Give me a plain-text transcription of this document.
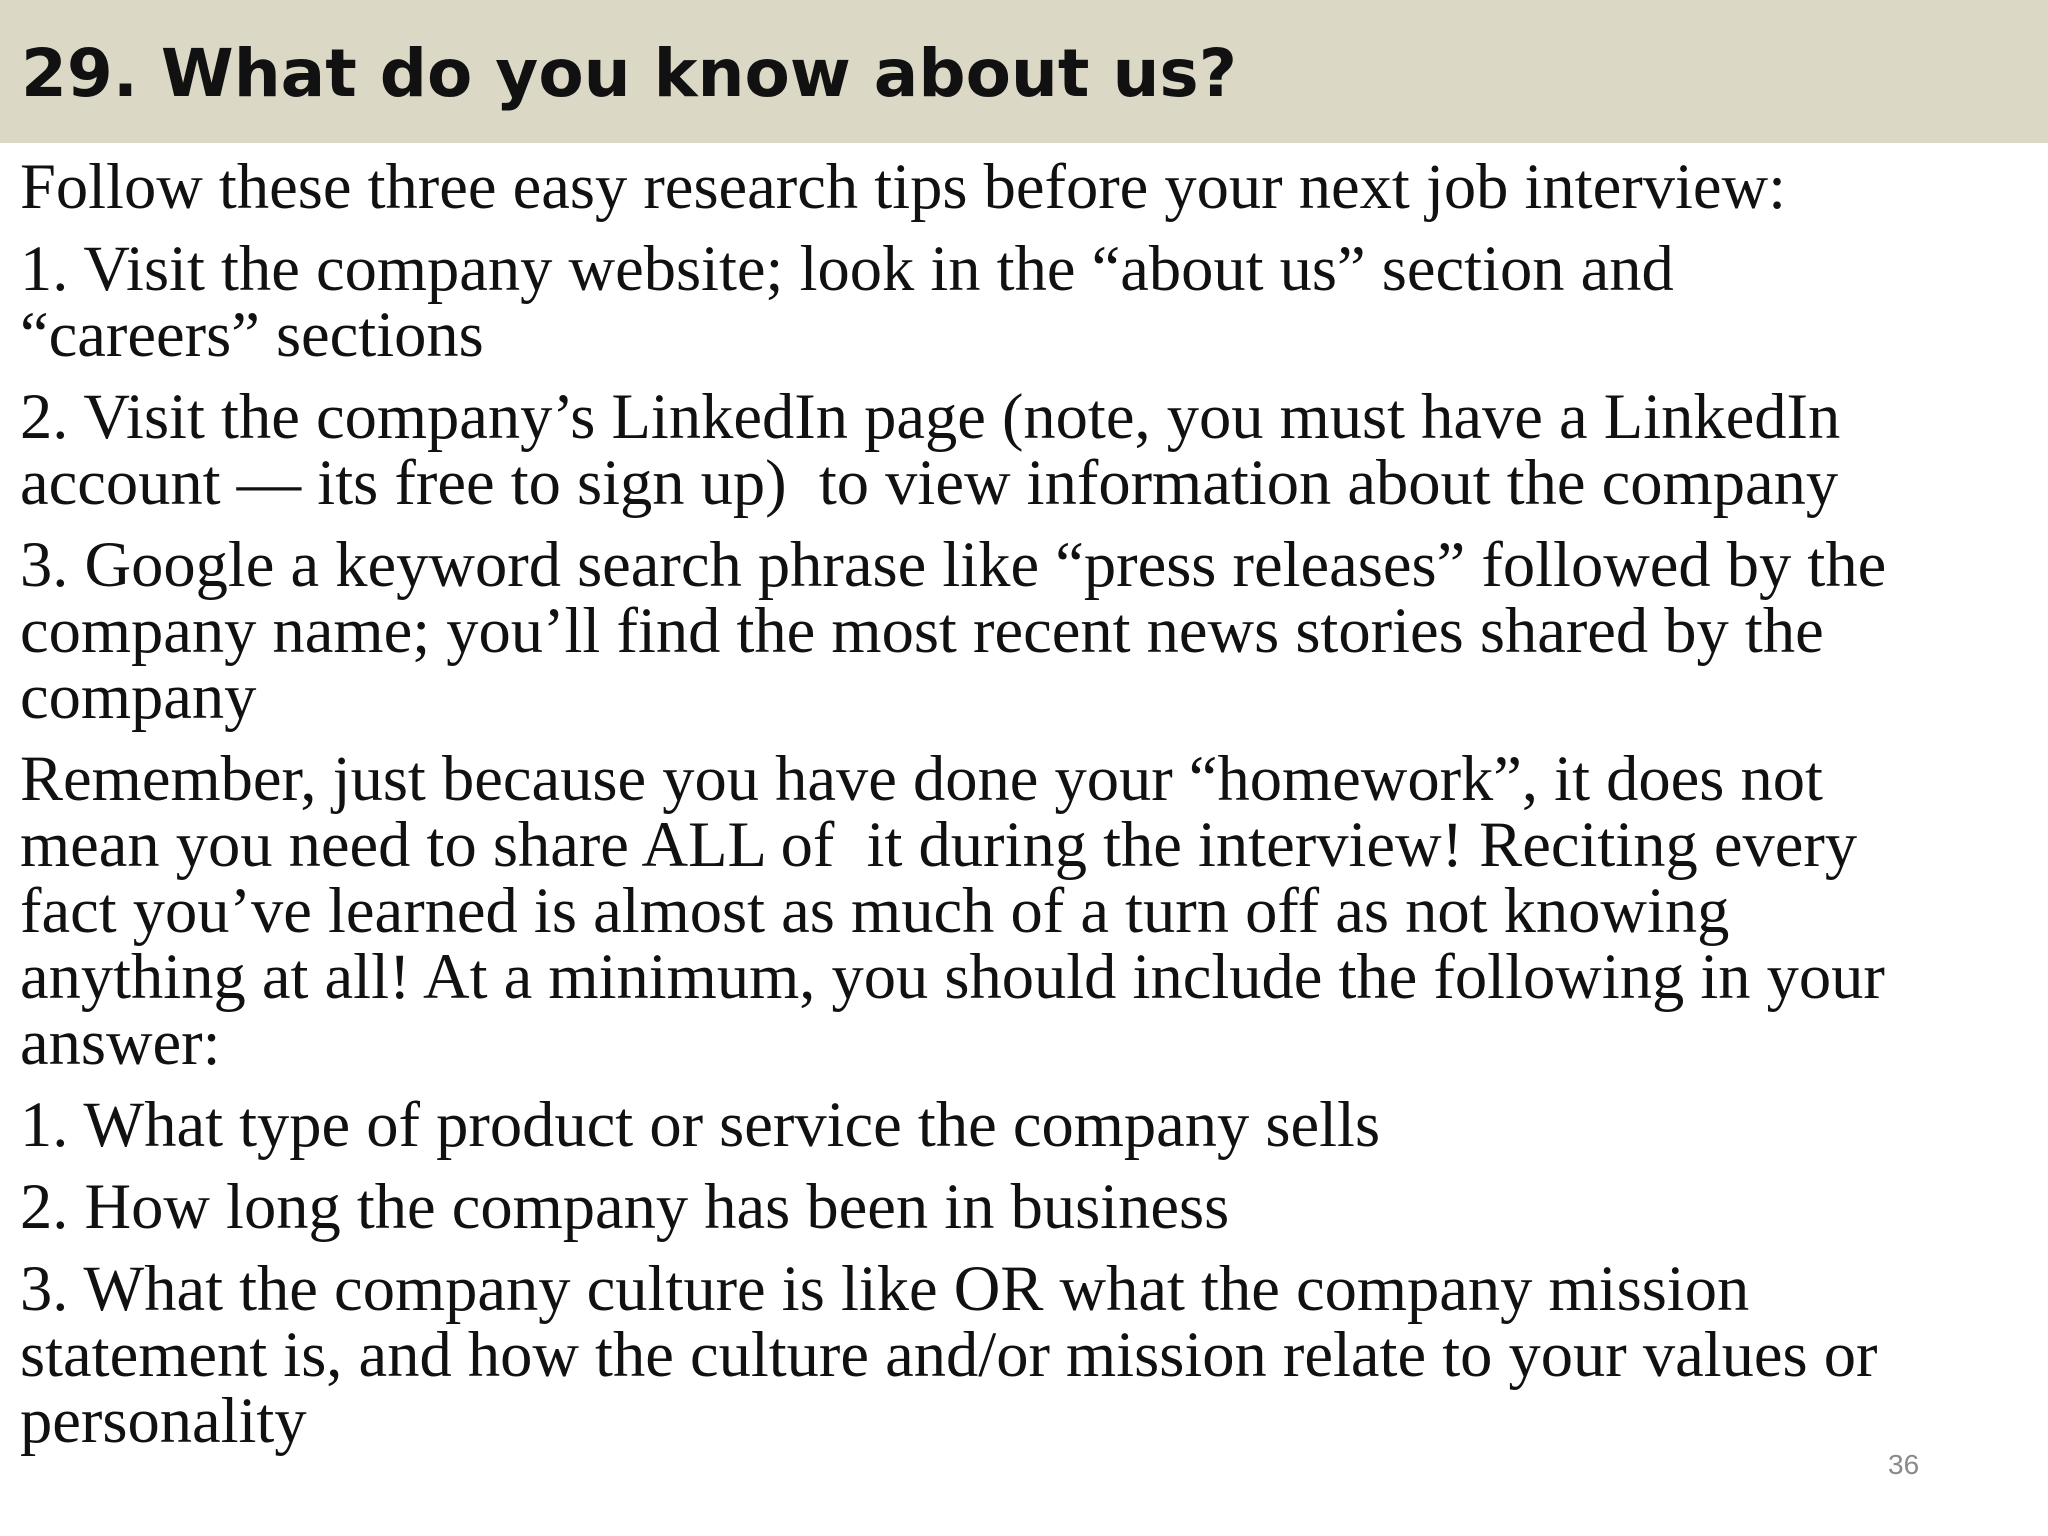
29. What do you know about us?

Follow these three easy research tips before your next job interview:

1. Visit the company website; look in the “about us” section and
“careers” sections

2. Visit the company’s LinkedIn page (note, you must have a LinkedIn
account — its free to sign up)  to view information about the company

3. Google a keyword search phrase like “press releases” followed by the
company name; you’ll find the most recent news stories shared by the
company

Remember, just because you have done your “homework”, it does not
mean you need to share ALL of  it during the interview! Reciting every
fact you’ve learned is almost as much of a turn off as not knowing
anything at all! At a minimum, you should include the following in your
answer:

1. What type of product or service the company sells

2. How long the company has been in business

3. What the company culture is like OR what the company mission
statement is, and how the culture and/or mission relate to your values or
personality

36
